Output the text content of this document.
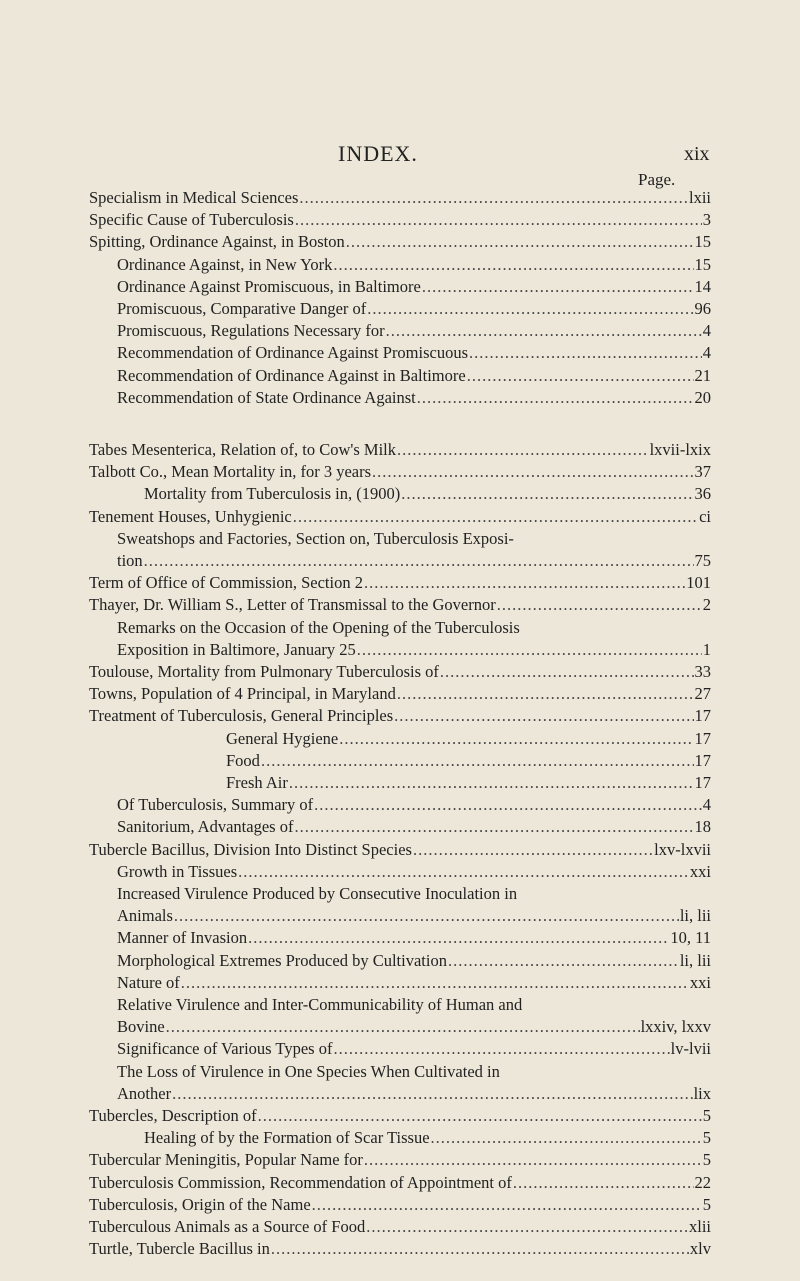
INDEX.	xix
Page.
Specialism in Medical Sciences .....	lxii
Specific Cause of Tuberculosis .....	3
Spitting, Ordinance Against, in Boston .....	15
Ordinance Against, in New York .....	15
Ordinance Against Promiscuous, in Baltimore .....	14
Promiscuous, Comparative Danger of .....	96
Promiscuous, Regulations Necessary for .....	4
Recommendation of Ordinance Against Promiscuous .....	4
Recommendation of Ordinance Against in Baltimore .....	21
Recommendation of State Ordinance Against .....	20
Tabes Mesenterica, Relation of, to Cow's Milk .....	lxvii-lxix
Talbott Co., Mean Mortality in, for 3 years .....	37
Mortality from Tuberculosis in, (1900) .....	36
Tenement Houses, Unhygienic .....	ci
Sweatshops and Factories, Section on, Tuberculosis Exposi-
tion .....	75
Term of Office of Commission, Section 2 .....	101
Thayer, Dr. William S., Letter of Transmissal to the Governor .....	2
Remarks on the Occasion of the Opening of the Tuberculosis
Exposition in Baltimore, January 25 .....	1
Toulouse, Mortality from Pulmonary Tuberculosis of .....	33
Towns, Population of 4 Principal, in Maryland .....	27
Treatment of Tuberculosis, General Principles .....	17
General Hygiene .....	17
Food .....	17
Fresh Air .....	17
Of Tuberculosis, Summary of .....	4
Sanitorium, Advantages of .....	18
Tubercle Bacillus, Division Into Distinct Species .....	lxv-lxvii
Growth in Tissues .....	xxi
Increased Virulence Produced by Consecutive Inoculation in
Animals .....	li, lii
Manner of Invasion .....	10, 11
Morphological Extremes Produced by Cultivation .....	li, lii
Nature of .....	xxi
Relative Virulence and Inter-Communicability of Human and
Bovine .....	lxxiv, lxxv
Significance of Various Types of .....	lv-lvii
The Loss of Virulence in One Species When Cultivated in
Another .....	lix
Tubercles, Description of .....	5
Healing of by the Formation of Scar Tissue .....	5
Tubercular Meningitis, Popular Name for .....	5
Tuberculosis Commission, Recommendation of Appointment of .....	22
Tuberculosis, Origin of the Name .....	5
Tuberculous Animals as a Source of Food .....	xlii
Turtle, Tubercle Bacillus in .....	xlv
